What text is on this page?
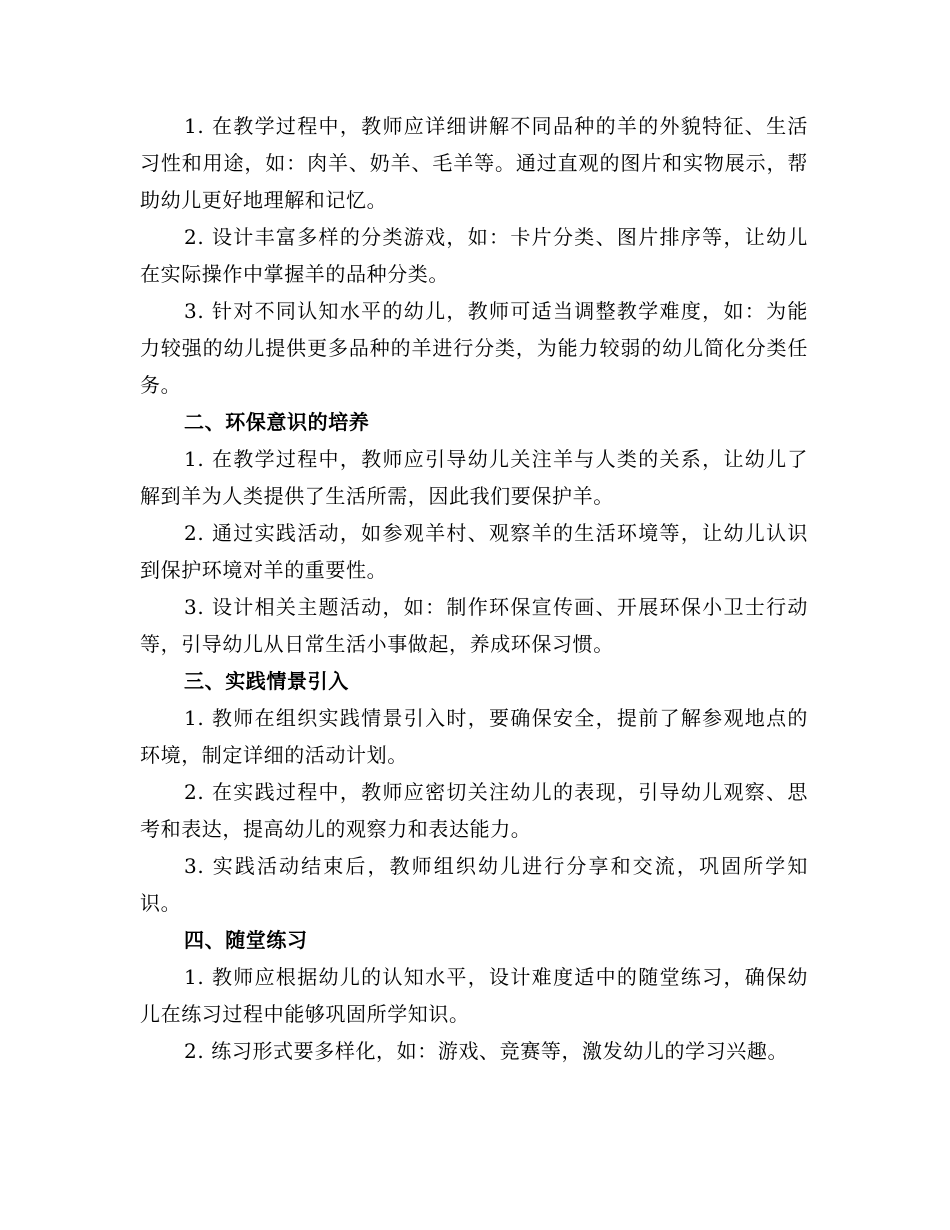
1. 在教学过程中，教师应详细讲解不同品种的羊的外貌特征、生活习性和用途，如：肉羊、奶羊、毛羊等。通过直观的图片和实物展示，帮助幼儿更好地理解和记忆。

2. 设计丰富多样的分类游戏，如：卡片分类、图片排序等，让幼儿在实际操作中掌握羊的品种分类。

3. 针对不同认知水平的幼儿，教师可适当调整教学难度，如：为能力较强的幼儿提供更多品种的羊进行分类，为能力较弱的幼儿简化分类任务。

二、环保意识的培养

1. 在教学过程中，教师应引导幼儿关注羊与人类的关系，让幼儿了解到羊为人类提供了生活所需，因此我们要保护羊。

2. 通过实践活动，如参观羊村、观察羊的生活环境等，让幼儿认识到保护环境对羊的重要性。

3. 设计相关主题活动，如：制作环保宣传画、开展环保小卫士行动等，引导幼儿从日常生活小事做起，养成环保习惯。

三、实践情景引入

1. 教师在组织实践情景引入时，要确保安全，提前了解参观地点的环境，制定详细的活动计划。

2. 在实践过程中，教师应密切关注幼儿的表现，引导幼儿观察、思考和表达，提高幼儿的观察力和表达能力。

3. 实践活动结束后，教师组织幼儿进行分享和交流，巩固所学知识。

四、随堂练习

1. 教师应根据幼儿的认知水平，设计难度适中的随堂练习，确保幼儿在练习过程中能够巩固所学知识。

2. 练习形式要多样化，如：游戏、竞赛等，激发幼儿的学习兴趣。
